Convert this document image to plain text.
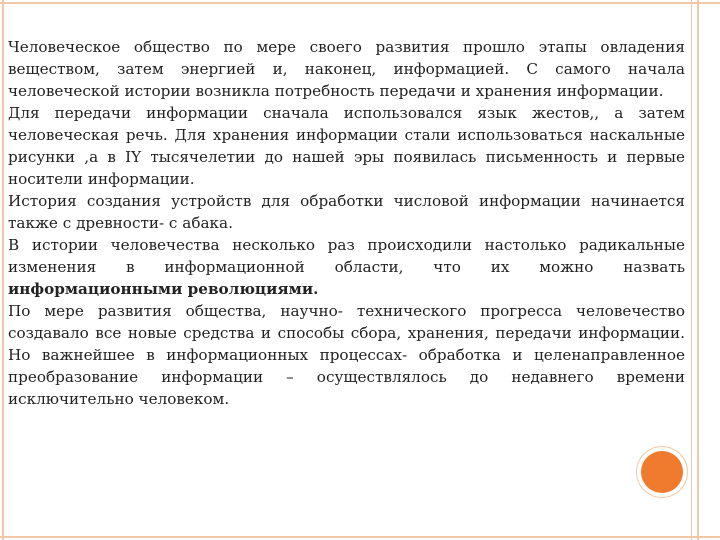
Человеческое общество по мере своего развития прошло этапы овладения веществом, затем энергией и, наконец, информацией. С самого начала человеческой истории возникла потребность передачи и хранения информации.

Для передачи информации сначала использовался язык жестов,, а затем человеческая речь. Для хранения информации стали использоваться наскальные рисунки ,а в IY тысячелетии до нашей эры появилась письменность и первые носители информации.

История создания устройств для обработки числовой информации начинается также с древности- с абака.

В истории человечества несколько раз происходили настолько радикальные изменения в информационной области, что их можно назвать информационными революциями.

По мере развития общества, научно- технического прогресса человечество создавало все новые средства и способы сбора, хранения, передачи информации. Но важнейшее в информационных процессах- обработка и целенаправленное преобразование информации – осуществлялось до недавнего времени исключительно человеком.
